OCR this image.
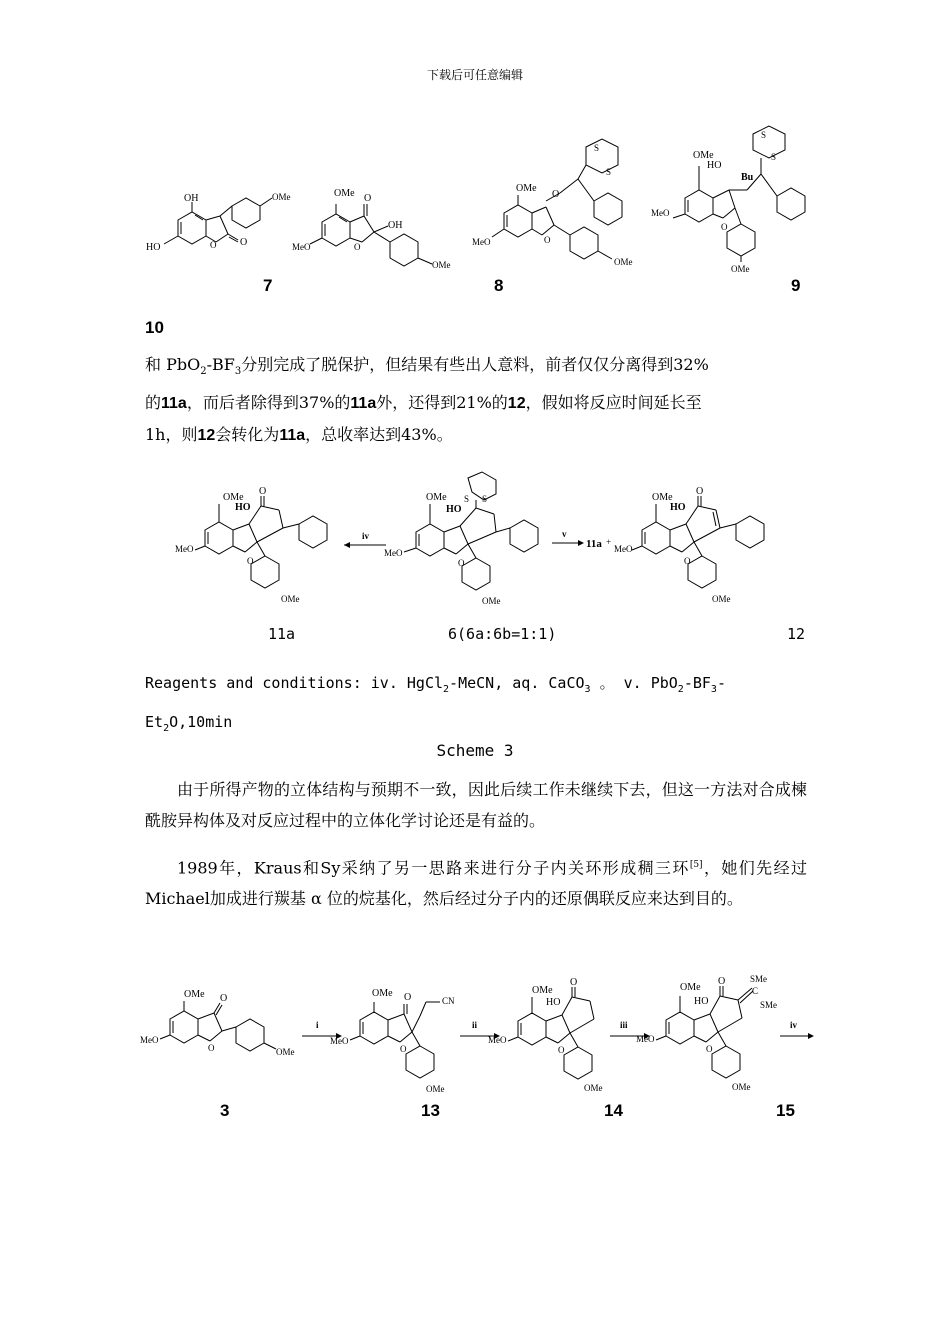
下载后可任意编辑
OH	OMe
HO	O O
OMe O
OH
MeO	O
OMe
S
S
O
OMe
MeO	O
OMe
S
S
OMe
HO
Bu
MeO
O
OMe
7	8	9
10
和 $PbO_2-BF_3$分别完成了脱保护，但结果有些出人意料，前者仅仅分离得到32%
的11a，而后者除得到37%的11a外，还得到21%的12，假如将反应时间延长至
1h，则12会转化为11a，总收率达到43%。
OMe
O
HO
MeO
O
OMe
iv
S S
OMe
HO
MeO
O
OMe
v
11a +
OMe
O
HO
MeO
O
OMe
11a	6(6a:6b=1:1)	12
Reagents and conditions: iv. HgCl$_2$-MeCN, aq. CaCO$_3$ 。 v. $PbO_2-BF_3-$
$Et_2O,10\min$
Scheme 3
由于所得产物的立体结构与预期不一致，因此后续工作未继续下去，但这一方法对合成楝酰胺异构体及对反应过程中的立体化学讨论还是有益的。
1989年，Kraus和Sy采纳了另一思路来进行分子内关环形成稠三环[5]，她们先经过Michael加成进行羰基 α 位的烷基化，然后经过分子内的还原偶联反应来达到目的。
OMe O
MeO
O	OMe
i
OMe O	CN
MeO
O
OMe
ii
OMe
O
HO
MeO
O
OMe
iii
SMe
C
SMe
OMe
O
HO
MeO
O
OMe
iv
3	13	14	15
